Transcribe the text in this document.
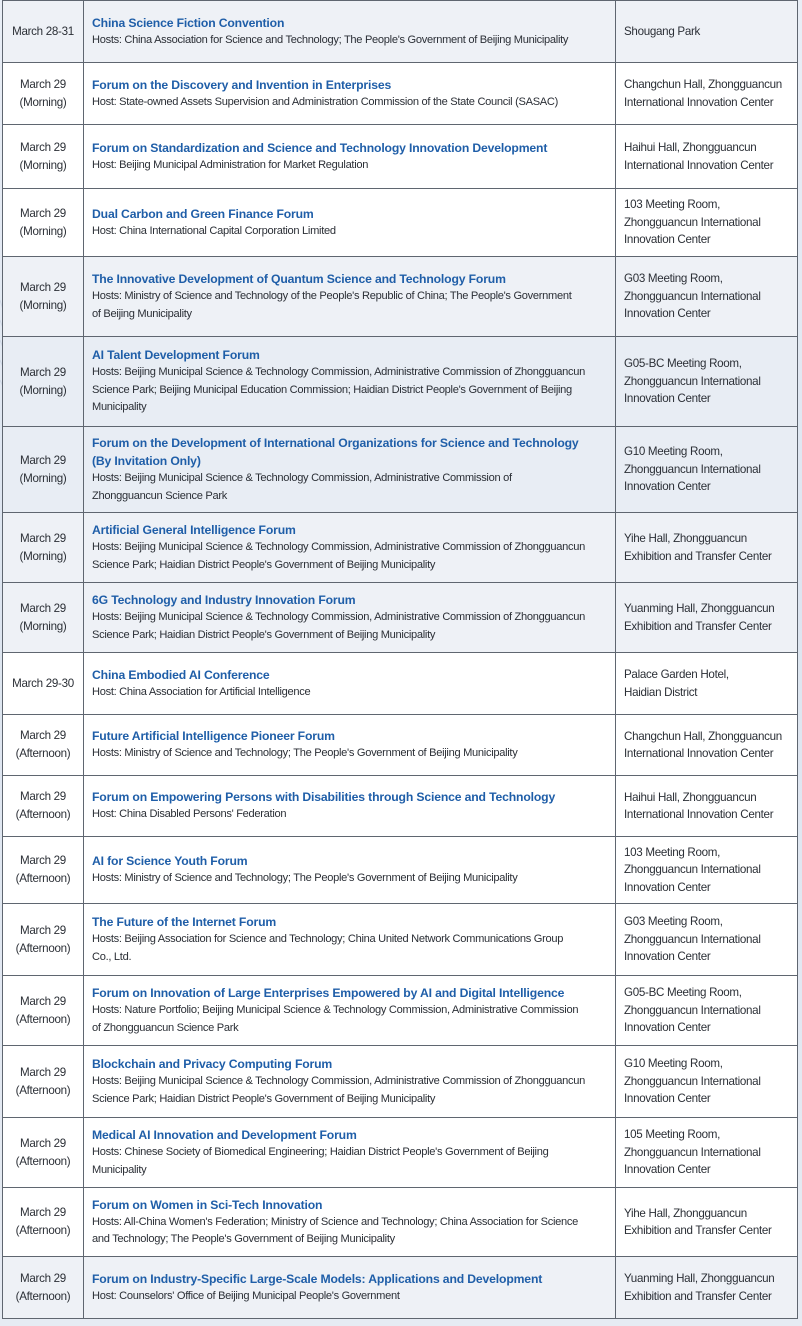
March 28-31
China Science Fiction Convention
Hosts: China Association for Science and Technology; The People's Government of Beijing Municipality
Shougang Park
March 29
(Morning)
Forum on the Discovery and Invention in Enterprises
Host: State-owned Assets Supervision and Administration Commission of the State Council (SASAC)
Changchun Hall, Zhongguancun
International Innovation Center
March 29
(Morning)
Forum on Standardization and Science and Technology Innovation Development
Host: Beijing Municipal Administration for Market Regulation
Haihui Hall, Zhongguancun
International Innovation Center
March 29
(Morning)
Dual Carbon and Green Finance Forum
Host: China International Capital Corporation Limited
103 Meeting Room,
Zhongguancun International
Innovation Center
March 29
(Morning)
The Innovative Development of Quantum Science and Technology Forum
Hosts: Ministry of Science and Technology of the People's Republic of China; The People's Government
of Beijing Municipality
G03 Meeting Room,
Zhongguancun International
Innovation Center
March 29
(Morning)
AI Talent Development Forum
Hosts: Beijing Municipal Science & Technology Commission, Administrative Commission of Zhongguancun
Science Park; Beijing Municipal Education Commission; Haidian District People's Government of Beijing
Municipality
G05-BC Meeting Room,
Zhongguancun International
Innovation Center
March 29
(Morning)
Forum on the Development of International Organizations for Science and Technology
(By Invitation Only)
Hosts: Beijing Municipal Science & Technology Commission, Administrative Commission of
Zhongguancun Science Park
G10 Meeting Room,
Zhongguancun International
Innovation Center
March 29
(Morning)
Artificial General Intelligence Forum
Hosts: Beijing Municipal Science & Technology Commission, Administrative Commission of Zhongguancun
Science Park; Haidian District People's Government of Beijing Municipality
Yihe Hall, Zhongguancun
Exhibition and Transfer Center
March 29
(Morning)
6G Technology and Industry Innovation Forum
Hosts: Beijing Municipal Science & Technology Commission, Administrative Commission of Zhongguancun
Science Park; Haidian District People's Government of Beijing Municipality
Yuanming Hall, Zhongguancun
Exhibition and Transfer Center
March 29-30
China Embodied AI Conference
Host: China Association for Artificial Intelligence
Palace Garden Hotel,
Haidian District
March 29
(Afternoon)
Future Artificial Intelligence Pioneer Forum
Hosts: Ministry of Science and Technology; The People's Government of Beijing Municipality
Changchun Hall, Zhongguancun
International Innovation Center
March 29
(Afternoon)
Forum on Empowering Persons with Disabilities through Science and Technology
Host: China Disabled Persons' Federation
Haihui Hall, Zhongguancun
International Innovation Center
March 29
(Afternoon)
AI for Science Youth Forum
Hosts: Ministry of Science and Technology; The People's Government of Beijing Municipality
103 Meeting Room,
Zhongguancun International
Innovation Center
March 29
(Afternoon)
The Future of the Internet Forum
Hosts: Beijing Association for Science and Technology; China United Network Communications Group
Co., Ltd.
G03 Meeting Room,
Zhongguancun International
Innovation Center
March 29
(Afternoon)
Forum on Innovation of Large Enterprises Empowered by AI and Digital Intelligence
Hosts: Nature Portfolio; Beijing Municipal Science & Technology Commission, Administrative Commission
of Zhongguancun Science Park
G05-BC Meeting Room,
Zhongguancun International
Innovation Center
March 29
(Afternoon)
Blockchain and Privacy Computing Forum
Hosts: Beijing Municipal Science & Technology Commission, Administrative Commission of Zhongguancun
Science Park; Haidian District People's Government of Beijing Municipality
G10 Meeting Room,
Zhongguancun International
Innovation Center
March 29
(Afternoon)
Medical AI Innovation and Development Forum
Hosts: Chinese Society of Biomedical Engineering; Haidian District People's Government of Beijing
Municipality
105 Meeting Room,
Zhongguancun International
Innovation Center
March 29
(Afternoon)
Forum on Women in Sci-Tech Innovation
Hosts: All-China Women's Federation; Ministry of Science and Technology; China Association for Science
and Technology; The People's Government of Beijing Municipality
Yihe Hall, Zhongguancun
Exhibition and Transfer Center
March 29
(Afternoon)
Forum on Industry-Specific Large-Scale Models: Applications and Development
Host: Counselors' Office of Beijing Municipal People's Government
Yuanming Hall, Zhongguancun
Exhibition and Transfer Center
